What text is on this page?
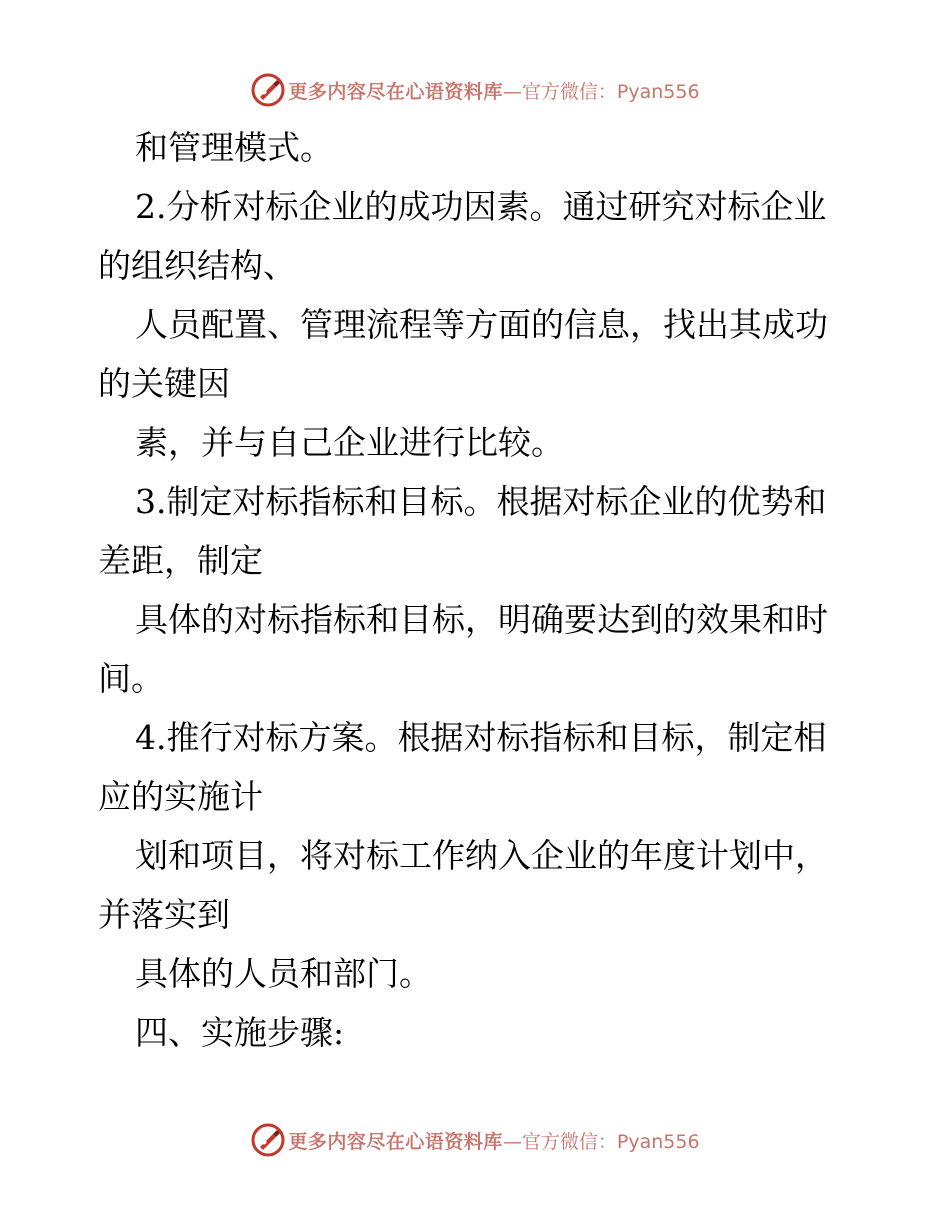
更多内容尽在心语资料库 —官方微信：Pyan556
和管理模式。
2.分析对标企业的成功因素。通过研究对标企业
的组织结构、
人员配置、管理流程等方面的信息，找出其成功
的关键因
素，并与自己企业进行比较。
3.制定对标指标和目标。根据对标企业的优势和
差距，制定
具体的对标指标和目标，明确要达到的效果和时
间。
4.推行对标方案。根据对标指标和目标，制定相
应的实施计
划和项目，将对标工作纳入企业的年度计划中，
并落实到
具体的人员和部门。
四、实施步骤:
更多内容尽在心语资料库 —官方微信：Pyan556
